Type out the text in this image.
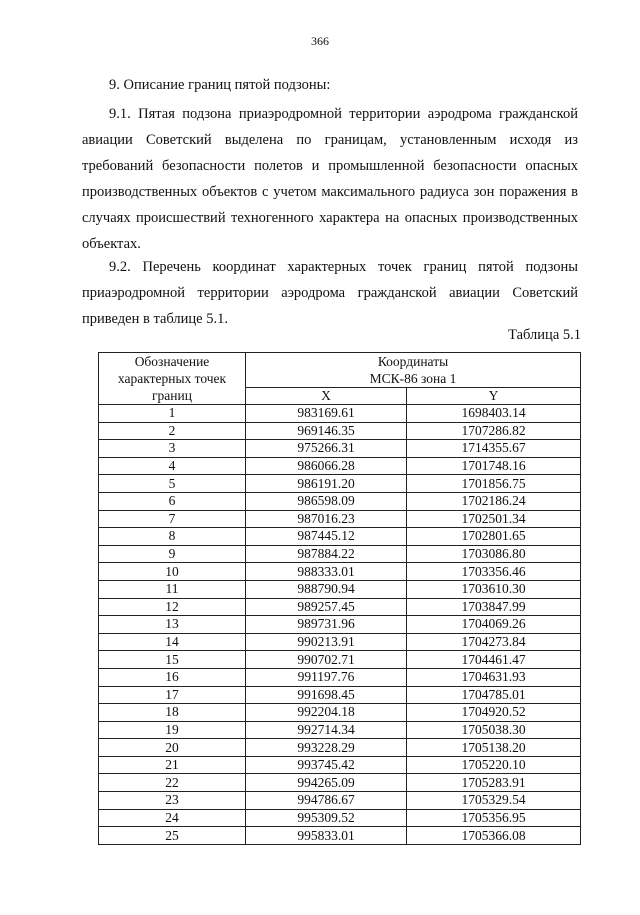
366
9. Описание границ пятой подзоны:

9.1. Пятая подзона приаэродромной территории аэродрома гражданской авиации Советский выделена по границам, установленным исходя из требований безопасности полетов и промышленной безопасности опасных производственных объектов с учетом максимального радиуса зон поражения в случаях происшествий техногенного характера на опасных производственных объектах.

9.2. Перечень координат характерных точек границ пятой подзоны приаэродромной территории аэродрома гражданской авиации Советский приведен в таблице 5.1.

Таблица 5.1
Обозначение
характерных точек
границ	Координаты
МСК-86 зона 1	
	X	Y
1	983169.61	1698403.14
2	969146.35	1707286.82
3	975266.31	1714355.67
4	986066.28	1701748.16
5	986191.20	1701856.75
6	986598.09	1702186.24
7	987016.23	1702501.34
8	987445.12	1702801.65
9	987884.22	1703086.80
10	988333.01	1703356.46
11	988790.94	1703610.30
12	989257.45	1703847.99
13	989731.96	1704069.26
14	990213.91	1704273.84
15	990702.71	1704461.47
16	991197.76	1704631.93
17	991698.45	1704785.01
18	992204.18	1704920.52
19	992714.34	1705038.30
20	993228.29	1705138.20
21	993745.42	1705220.10
22	994265.09	1705283.91
23	994786.67	1705329.54
24	995309.52	1705356.95
25	995833.01	1705366.08
